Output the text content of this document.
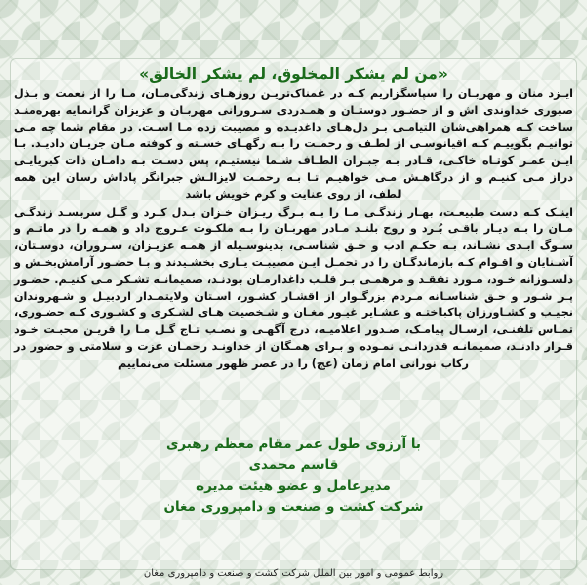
«من لم یشکر المخلوق، لم یشکر الخالق»

ایـزد منان و مهربـان را سپاسگزاریم کـه در غمناک‌تریـن روزهـای زندگی‌مـان، مـا را از نعمت و بـذل صبوری خداوندی اش و از حضـور دوستـان و همـدردی سـرورانی مهربـان و عزیزان گرانمایه بهره‌منـد ساخت کـه همراهی‌شان التیامـی بـر دل‌هـای داغدیـده و مصیبت زده مـا اسـت. در مقام شما چه مـی توانیـم بگوییـم کـه اقیانوسـی از لطـف و رحمـت را بـه رگهـای خسـته و کوفته مـان جریـان دادیـد. بـا ایـن عمـر کوتـاه خاکـی، قـادر بـه جبـران الطـاف شـما نیستیـم، پس دسـت بـه دامـان ذات کبریایـی دراز مـی کنیـم و از درگاهـش مـی خواهیـم تـا بـه رحمـت لایزالـش جبرانگر پاداش رسان این همه لطف، از روی عنایت و کرم خویش باشد

اینـک کـه دست طبیعـت، بهـار زندگـی مـا را بـه بـرگ ریـزان خـزان بـدل کـرد و گـل سربسـد زندگـی مـان را بـه دیـار باقـی بُـرد و روح بلنـد مـادر مهربـان را بـه ملکـوت عـروج داد و همـه را در ماتـم و سـوگ ابـدی نشـاند، بـه حکـم ادب و حـق شناسـی، بدینوسـیله از همـه عزیـزان، سـروران، دوسـتان، آشـنایان و اقـوام کـه بازماندگـان را در تحمـل ایـن مصیبـت یـاری بخشـیدند و بـا حضـور آرامش‌بخـش و دلسـوزانه خـود، مـورد تفقـد و مرهمـی بـر قلـب داغدارمـان بودنـد، صمیمانـه تشـکر مـی کنیـم. حضـور پـر شـور و حـق شناسـانه مـردم بزرگـوار از اقشـار کشـور، اسـتان ولایتمـدار اردبیـل و شـهروندان نجیـب و کشـاورزان پاکباختـه و عشـایر غیـور مغـان و شـخصیت هـای لشـکری و کشـوری کـه حضـوری، تمـاس تلفنـی، ارسـال پیامـک، صـدور اعلامیـه، درج آگهـی و نصـب تـاج گـل مـا را قریـن محبـت خـود قـرار دادنـد، صمیمانـه قدردانـی نمـوده و بـرای همـگان از خداونـد رحمـان عزت و سلامتی و حضور در رکاب نورانی امام زمان (عج) را در عصر ظهور مسئلت می‌نماییم

با آرزوی طول عمر مقام معظم رهبری
قاسم محمدی
مدیرعامل و عضو هیئت مدیره
شرکت کشت و صنعت و دامپروری مغان
روابط عمومی و امور بین الملل شرکت کشت و صنعت و دامپروری مغان
